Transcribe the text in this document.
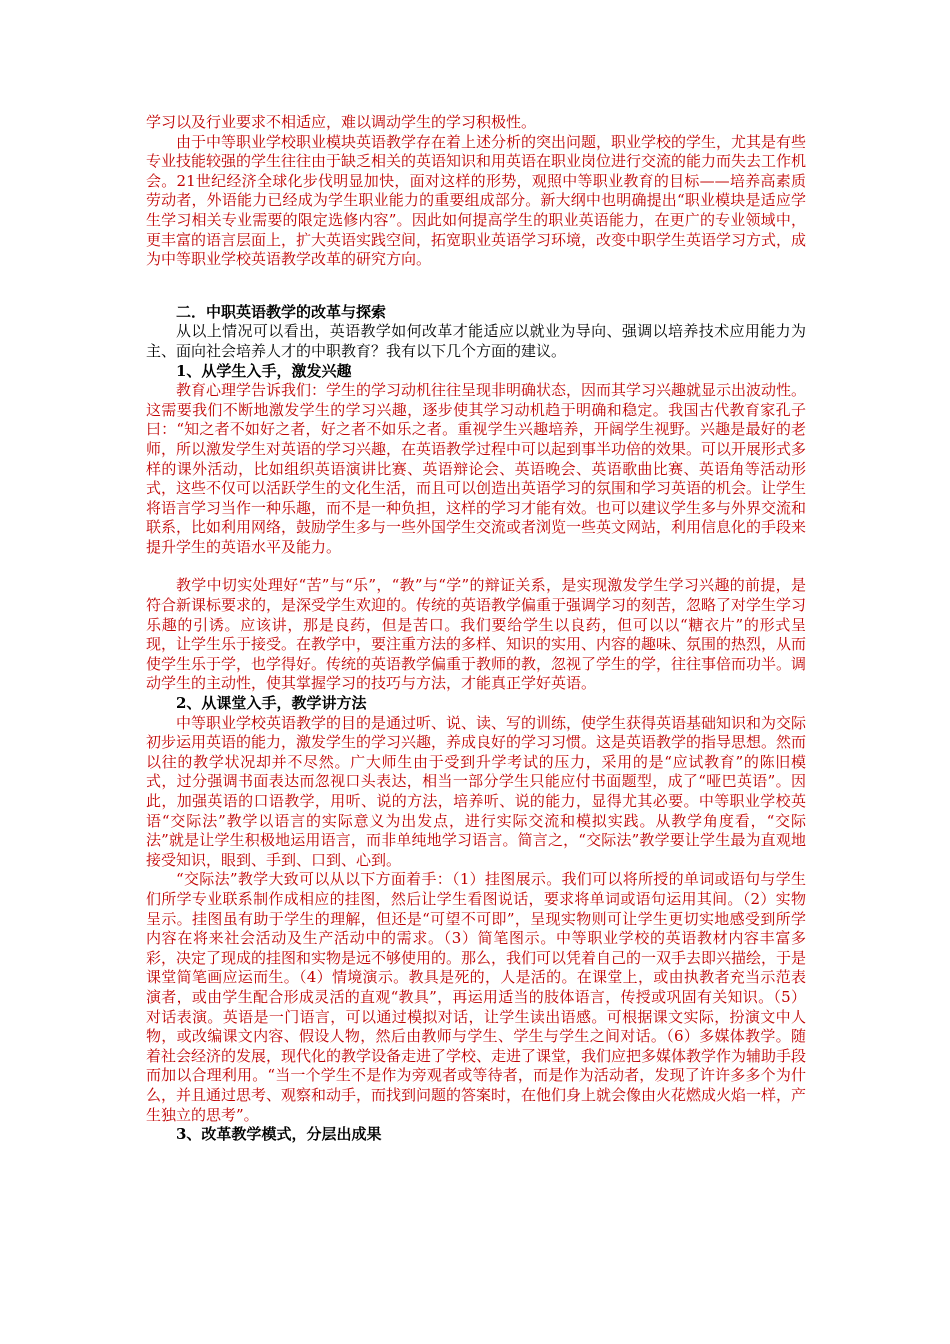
学习以及行业要求不相适应，难以调动学生的学习积极性。

由于中等职业学校职业模块英语教学存在着上述分析的突出问题，职业学校的学生，尤其是有些专业技能较强的学生往往由于缺乏相关的英语知识和用英语在职业岗位进行交流的能力而失去工作机会。21世纪经济全球化步伐明显加快，面对这样的形势，观照中等职业教育的目标——培养高素质劳动者，外语能力已经成为学生职业能力的重要组成部分。新大纲中也明确提出“职业模块是适应学生学习相关专业需要的限定选修内容”。因此如何提高学生的职业英语能力，在更广的专业领域中，更丰富的语言层面上，扩大英语实践空间，拓宽职业英语学习环境，改变中职学生英语学习方式，成为中等职业学校英语教学改革的研究方向。

二．中职英语教学的改革与探索

从以上情况可以看出，英语教学如何改革才能适应以就业为导向、强调以培养技术应用能力为主、面向社会培养人才的中职教育？我有以下几个方面的建议。

1、从学生入手，激发兴趣

教育心理学告诉我们：学生的学习动机往往呈现非明确状态，因而其学习兴趣就显示出波动性。这需要我们不断地激发学生的学习兴趣，逐步使其学习动机趋于明确和稳定。我国古代教育家孔子曰：“知之者不如好之者，好之者不如乐之者。重视学生兴趣培养，开阔学生视野。兴趣是最好的老师，所以激发学生对英语的学习兴趣，在英语教学过程中可以起到事半功倍的效果。可以开展形式多样的课外活动，比如组织英语演讲比赛、英语辩论会、英语晚会、英语歌曲比赛、英语角等活动形式，这些不仅可以活跃学生的文化生活，而且可以创造出英语学习的氛围和学习英语的机会。让学生将语言学习当作一种乐趣，而不是一种负担，这样的学习才能有效。也可以建议学生多与外界交流和联系，比如利用网络，鼓励学生多与一些外国学生交流或者浏览一些英文网站，利用信息化的手段来提升学生的英语水平及能力。

教学中切实处理好“苦”与“乐”，“教”与“学”的辩证关系，是实现激发学生学习兴趣的前提，是符合新课标要求的，是深受学生欢迎的。传统的英语教学偏重于强调学习的刻苦，忽略了对学生学习乐趣的引诱。应该讲，那是良药，但是苦口。我们要给学生以良药，但可以以“糖衣片”的形式呈现，让学生乐于接受。在教学中，要注重方法的多样、知识的实用、内容的趣味、氛围的热烈，从而使学生乐于学，也学得好。传统的英语教学偏重于教师的教，忽视了学生的学，往往事倍而功半。调动学生的主动性，使其掌握学习的技巧与方法，才能真正学好英语。

2、从课堂入手，教学讲方法

中等职业学校英语教学的目的是通过听、说、读、写的训练，使学生获得英语基础知识和为交际初步运用英语的能力，激发学生的学习兴趣，养成良好的学习习惯。这是英语教学的指导思想。然而以往的教学状况却并不尽然。广大师生由于受到升学考试的压力，采用的是“应试教育”的陈旧模式，过分强调书面表达而忽视口头表达，相当一部分学生只能应付书面题型，成了“哑巴英语”。因此，加强英语的口语教学，用听、说的方法，培养听、说的能力，显得尤其必要。中等职业学校英语“交际法”教学以语言的实际意义为出发点，进行实际交流和模拟实践。从教学角度看，“交际法”就是让学生积极地运用语言，而非单纯地学习语言。简言之，“交际法”教学要让学生最为直观地接受知识，眼到、手到、口到、心到。

“交际法”教学大致可以从以下方面着手：（1）挂图展示。我们可以将所授的单词或语句与学生们所学专业联系制作成相应的挂图，然后让学生看图说话，要求将单词或语句运用其间。（2）实物呈示。挂图虽有助于学生的理解，但还是“可望不可即”，呈现实物则可让学生更切实地感受到所学内容在将来社会活动及生产活动中的需求。（3）简笔图示。中等职业学校的英语教材内容丰富多彩，决定了现成的挂图和实物是远不够使用的。那么，我们可以凭着自己的一双手去即兴描绘，于是课堂简笔画应运而生。（4）情境演示。教具是死的，人是活的。在课堂上，或由执教者充当示范表演者，或由学生配合形成灵活的直观“教具”，再运用适当的肢体语言，传授或巩固有关知识。（5）对话表演。英语是一门语言，可以通过模拟对话，让学生读出语感。可根据课文实际，扮演文中人物，或改编课文内容、假设人物，然后由教师与学生、学生与学生之间对话。（6）多媒体教学。随着社会经济的发展，现代化的教学设备走进了学校、走进了课堂，我们应把多媒体教学作为辅助手段而加以合理利用。“当一个学生不是作为旁观者或等待者，而是作为活动者，发现了许许多多个为什么，并且通过思考、观察和动手，而找到问题的答案时，在他们身上就会像由火花燃成火焰一样，产生独立的思考”。

3、改革教学模式，分层出成果
